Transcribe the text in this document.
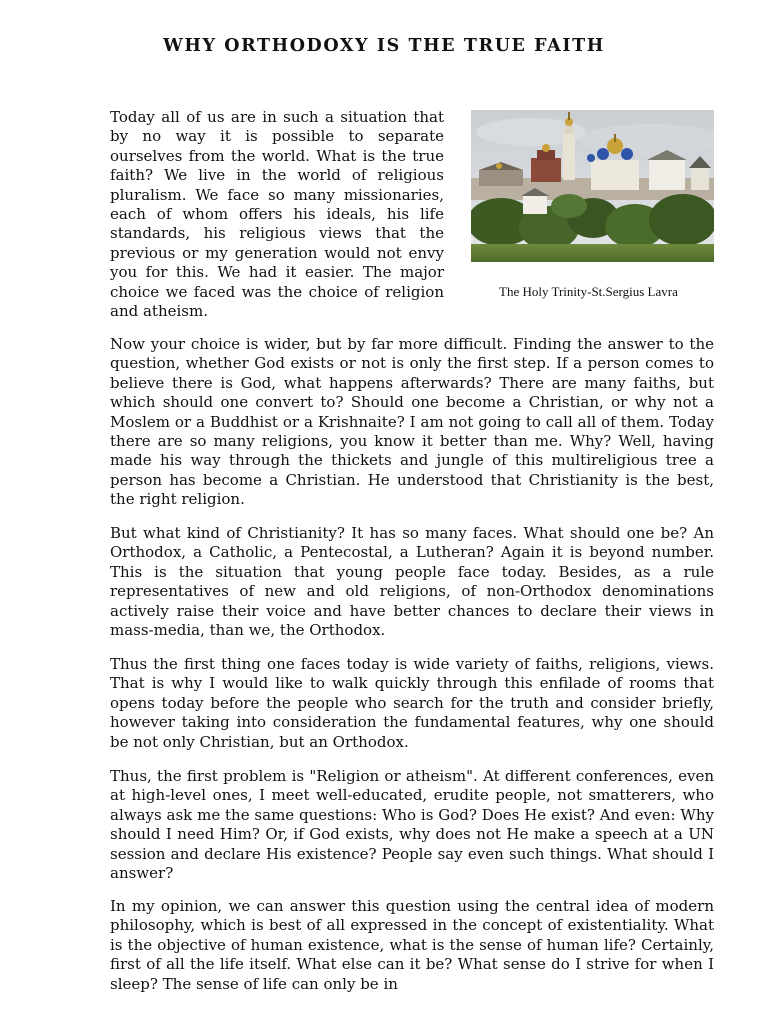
WHY ORTHODOXY IS THE TRUE FAITH

Today all of us are in such a situation that by no way it is possible to separate ourselves from the world. What is the true faith? We live in the world of religious pluralism. We face so many missionaries, each of whom offers his ideals, his life standards, his religious views that the previous or my generation would not envy you for this. We had it easier. The major choice we faced was the choice of religion and atheism.

The Holy Trinity-St.Sergius Lavra

Now your choice is wider, but by far more difficult. Finding the answer to the question, whether God exists or not is only the first step. If a person comes to believe there is God, what happens afterwards? There are many faiths, but which should one convert to? Should one become a Christian, or why not a Moslem or a Buddhist or a Krishnaite? I am not going to call all of them. Today there are so many religions, you know it better than me. Why? Well, having made his way through the thickets and jungle of this multireligious tree a person has become a Christian. He understood that Christianity is the best, the right religion.

But what kind of Christianity? It has so many faces. What should one be? An Orthodox, a Catholic, a Pentecostal, a Lutheran? Again it is beyond number. This is the situation that young people face today. Besides, as a rule representatives of new and old religions, of non-Orthodox denominations actively raise their voice and have better chances to declare their views in mass-media, than we, the Orthodox.

Thus the first thing one faces today is wide variety of faiths, religions, views. That is why I would like to walk quickly through this enfilade of rooms that opens today before the people who search for the truth and consider briefly, however taking into consideration the fundamental features, why one should be not only Christian, but an Orthodox.

Thus, the first problem is "Religion or atheism". At different conferences, even at high-level ones, I meet well-educated, erudite people, not smatterers, who always ask me the same questions: Who is God? Does He exist? And even: Why should I need Him? Or, if God exists, why does not He make a speech at a UN session and declare His existence? People say even such things. What should I answer?

In my opinion, we can answer this question using the central idea of modern philosophy, which is best of all expressed in the concept of existentiality. What is the objective of human existence, what is the sense of human life? Certainly, first of all the life itself. What else can it be? What sense do I strive for when I sleep? The sense of life can only be in
